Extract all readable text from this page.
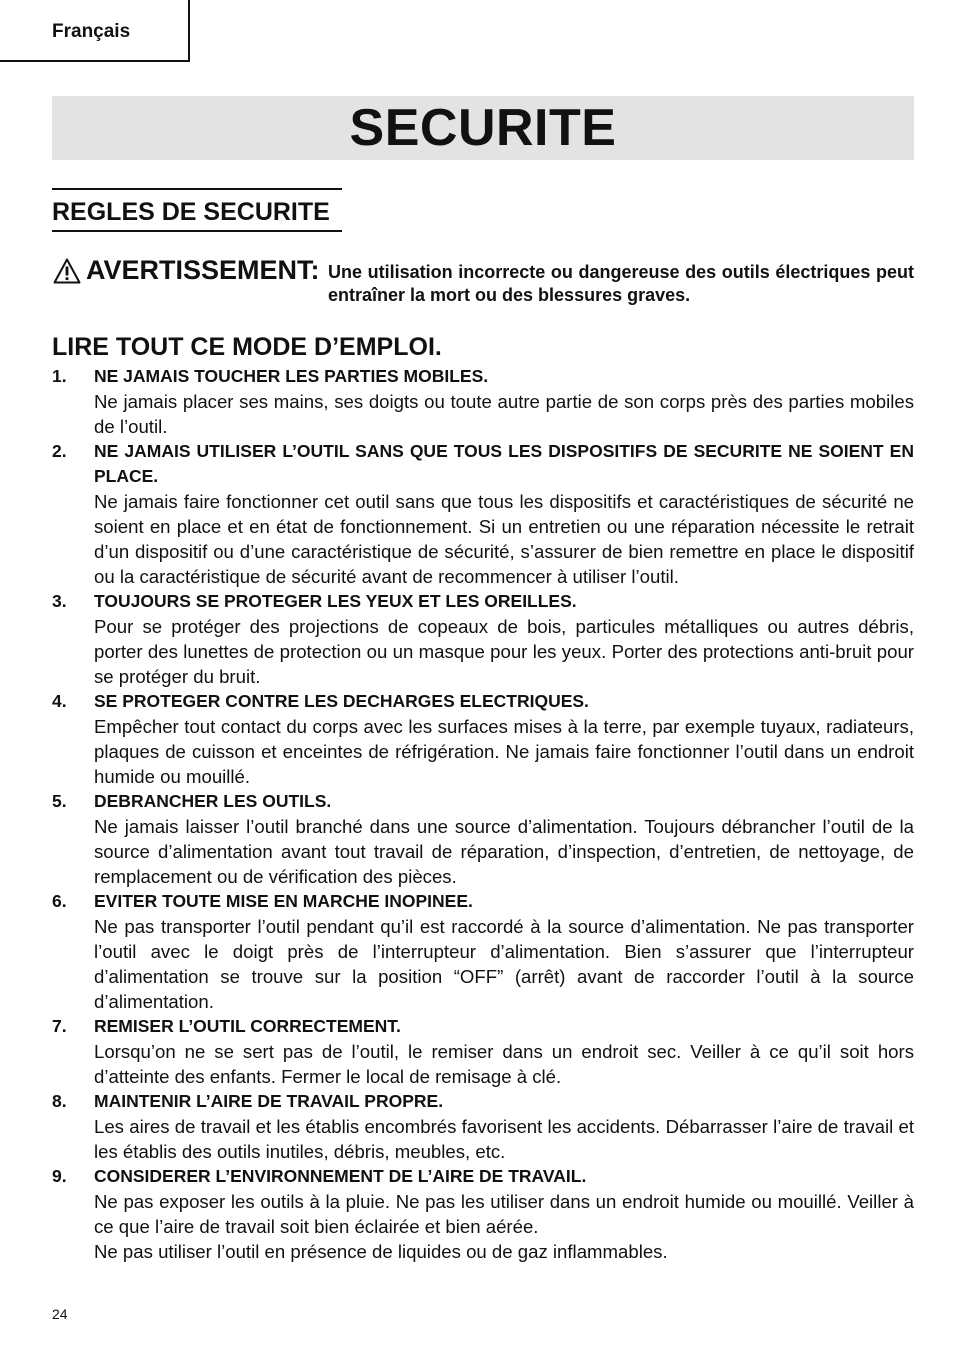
Français
SECURITE
REGLES DE SECURITE
AVERTISSEMENT: Une utilisation incorrecte ou dangereuse des outils électriques peut entraîner la mort ou des blessures graves.
LIRE TOUT CE MODE D’EMPLOI.
1. NE JAMAIS TOUCHER LES PARTIES MOBILES.
Ne jamais placer ses mains, ses doigts ou toute autre partie de son corps près des parties mobiles de l’outil.
2. NE JAMAIS UTILISER L’OUTIL SANS QUE TOUS LES DISPOSITIFS DE SECURITE NE SOIENT EN PLACE.
Ne jamais faire fonctionner cet outil sans que tous les dispositifs et caractéristiques de sécurité ne soient en place et en état de fonctionnement. Si un entretien ou une réparation nécessite le retrait d’un dispositif ou d’une caractéristique de sécurité, s’assurer de bien remettre en place le dispositif ou la caractéristique de sécurité avant de recommencer à utiliser l’outil.
3. TOUJOURS SE PROTEGER LES YEUX ET LES OREILLES.
Pour se protéger des projections de copeaux de bois, particules métalliques ou autres débris, porter des lunettes de protection ou un masque pour les yeux. Porter des protections anti-bruit pour se protéger du bruit.
4. SE PROTEGER CONTRE LES DECHARGES ELECTRIQUES.
Empêcher tout contact du corps avec les surfaces mises à la terre, par exemple tuyaux, radiateurs, plaques de cuisson et enceintes de réfrigération. Ne jamais faire fonctionner l’outil dans un endroit humide ou mouillé.
5. DEBRANCHER LES OUTILS.
Ne jamais laisser l’outil branché dans une source d’alimentation. Toujours débrancher l’outil de la source d’alimentation avant tout travail de réparation, d’inspection, d’entretien, de nettoyage, de remplacement ou de vérification des pièces.
6. EVITER TOUTE MISE EN MARCHE INOPINEE.
Ne pas transporter l’outil pendant qu’il est raccordé à la source d’alimentation. Ne pas transporter l’outil avec le doigt près de l’interrupteur d’alimentation. Bien s’assurer que l’interrupteur d’alimentation se trouve sur la position “OFF” (arrêt) avant de raccorder l’outil à la source d’alimentation.
7. REMISER L’OUTIL CORRECTEMENT.
Lorsqu’on ne se sert pas de l’outil, le remiser dans un endroit sec. Veiller à ce qu’il soit hors d’atteinte des enfants. Fermer le local de remisage à clé.
8. MAINTENIR L’AIRE DE TRAVAIL PROPRE.
Les aires de travail et les établis encombrés favorisent les accidents. Débarrasser l’aire de travail et les établis des outils inutiles, débris, meubles, etc.
9. CONSIDERER L’ENVIRONNEMENT DE L’AIRE DE TRAVAIL.
Ne pas exposer les outils à la pluie. Ne pas les utiliser dans un endroit humide ou mouillé. Veiller à ce que l’aire de travail soit bien éclairée et bien aérée.
Ne pas utiliser l’outil en présence de liquides ou de gaz inflammables.
24
